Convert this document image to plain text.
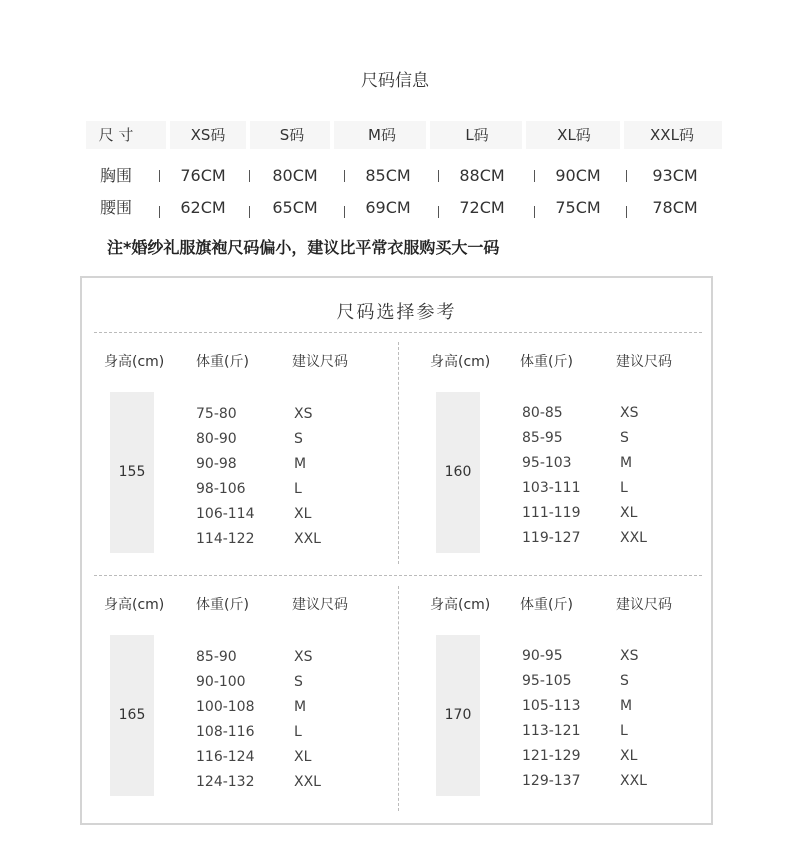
尺码信息
尺 寸	XS码	S码	M码	L码	XL码	XXL码
胸围	76CM	80CM	85CM	88CM	90CM	93CM
腰围	62CM	65CM	69CM	72CM	75CM	78CM
注*婚纱礼服旗袍尺码偏小，建议比平常衣服购买大一码
尺码选择参考
身高(cm) 体重(斤)	建议尺码
155
75-80	XS
80-90	S
90-98	M
98-106	L
106-114	XL
114-122	XXL
身高(cm) 体重(斤)	建议尺码
160
80-85	XS
85-95	S
95-103	M
103-111	L
111-119	XL
119-127	XXL
身高(cm) 体重(斤)	建议尺码
165
85-90	XS
90-100	S
100-108	M
108-116	L
116-124	XL
124-132	XXL
身高(cm) 体重(斤)	建议尺码
170
90-95	XS
95-105	S
105-113	M
113-121	L
121-129	XL
129-137	XXL
